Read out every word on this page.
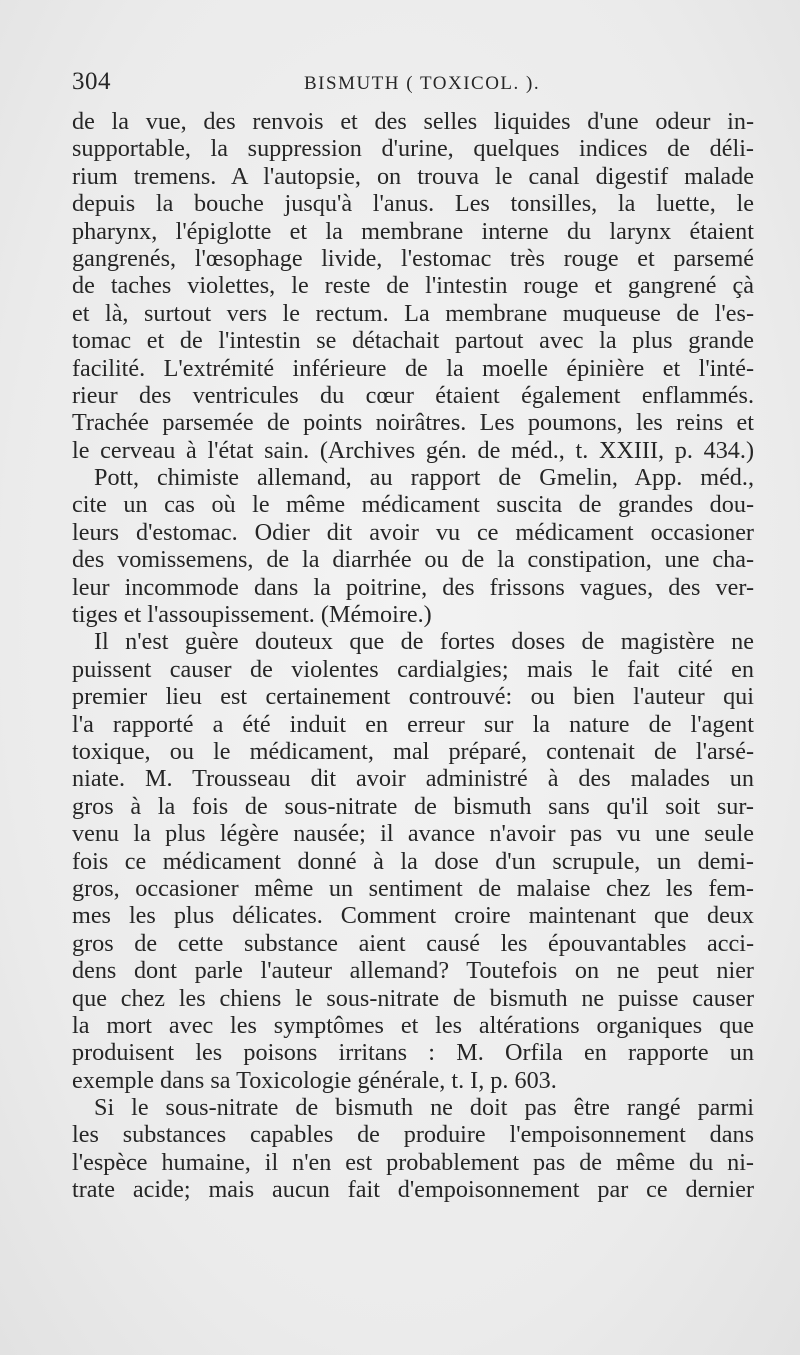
304	BISMUTH ( TOXICOL. ).
de la vue, des renvois et des selles liquides d'une odeur in-
supportable, la suppression d'urine, quelques indices de déli-
rium tremens. A l'autopsie, on trouva le canal digestif malade
depuis la bouche jusqu'à l'anus. Les tonsilles, la luette, le
pharynx, l'épiglotte et la membrane interne du larynx étaient
gangrenés, l'œsophage livide, l'estomac très rouge et parsemé
de taches violettes, le reste de l'intestin rouge et gangrené çà
et là, surtout vers le rectum. La membrane muqueuse de l'es-
tomac et de l'intestin se détachait partout avec la plus grande
facilité. L'extrémité inférieure de la moelle épinière et l'inté-
rieur des ventricules du cœur étaient également enflammés.
Trachée parsemée de points noirâtres. Les poumons, les reins et
le cerveau à l'état sain. (Archives gén. de méd., t. XXIII, p. 434.)
Pott, chimiste allemand, au rapport de Gmelin, App. méd.,
cite un cas où le même médicament suscita de grandes dou-
leurs d'estomac. Odier dit avoir vu ce médicament occasioner
des vomissemens, de la diarrhée ou de la constipation, une cha-
leur incommode dans la poitrine, des frissons vagues, des ver-
tiges et l'assoupissement. (Mémoire.)
Il n'est guère douteux que de fortes doses de magistère ne
puissent causer de violentes cardialgies; mais le fait cité en
premier lieu est certainement controuvé: ou bien l'auteur qui
l'a rapporté a été induit en erreur sur la nature de l'agent
toxique, ou le médicament, mal préparé, contenait de l'arsé-
niate. M. Trousseau dit avoir administré à des malades un
gros à la fois de sous-nitrate de bismuth sans qu'il soit sur-
venu la plus légère nausée; il avance n'avoir pas vu une seule
fois ce médicament donné à la dose d'un scrupule, un demi-
gros, occasioner même un sentiment de malaise chez les fem-
mes les plus délicates. Comment croire maintenant que deux
gros de cette substance aient causé les épouvantables acci-
dens dont parle l'auteur allemand? Toutefois on ne peut nier
que chez les chiens le sous-nitrate de bismuth ne puisse causer
la mort avec les symptômes et les altérations organiques que
produisent les poisons irritans : M. Orfila en rapporte un
exemple dans sa Toxicologie générale, t. I, p. 603.
Si le sous-nitrate de bismuth ne doit pas être rangé parmi
les substances capables de produire l'empoisonnement dans
l'espèce humaine, il n'en est probablement pas de même du ni-
trate acide; mais aucun fait d'empoisonnement par ce dernier
